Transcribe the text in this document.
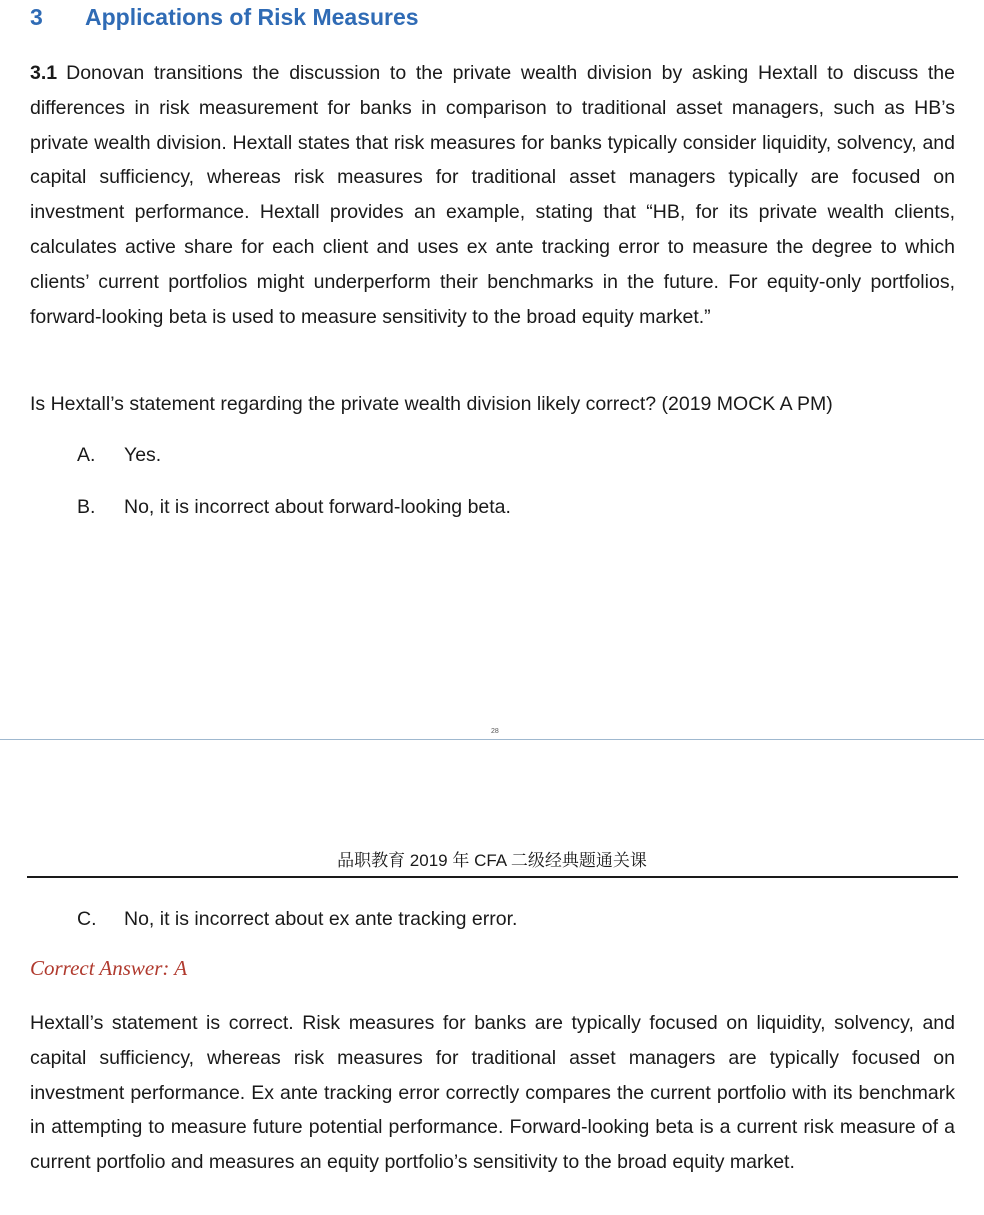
3 Applications of Risk Measures
3.1 Donovan transitions the discussion to the private wealth division by asking Hextall to discuss the differences in risk measurement for banks in comparison to traditional asset managers, such as HB’s private wealth division. Hextall states that risk measures for banks typically consider liquidity, solvency, and capital sufficiency, whereas risk measures for traditional asset managers typically are focused on investment performance. Hextall provides an example, stating that “HB, for its private wealth clients, calculates active share for each client and uses ex ante tracking error to measure the degree to which clients’ current portfolios might underperform their benchmarks in the future. For equity-only portfolios, forward-looking beta is used to measure sensitivity to the broad equity market.”
Is Hextall’s statement regarding the private wealth division likely correct? (2019 MOCK A PM)
A. Yes.
B. No, it is incorrect about forward-looking beta.
28
品职教育 2019 年 CFA 二级经典题通关课
C. No, it is incorrect about ex ante tracking error.
Correct Answer: A
Hextall’s statement is correct. Risk measures for banks are typically focused on liquidity, solvency, and capital sufficiency, whereas risk measures for traditional asset managers are typically focused on investment performance. Ex ante tracking error correctly compares the current portfolio with its benchmark in attempting to measure future potential performance. Forward-looking beta is a current risk measure of a current portfolio and measures an equity portfolio’s sensitivity to the broad equity market.
